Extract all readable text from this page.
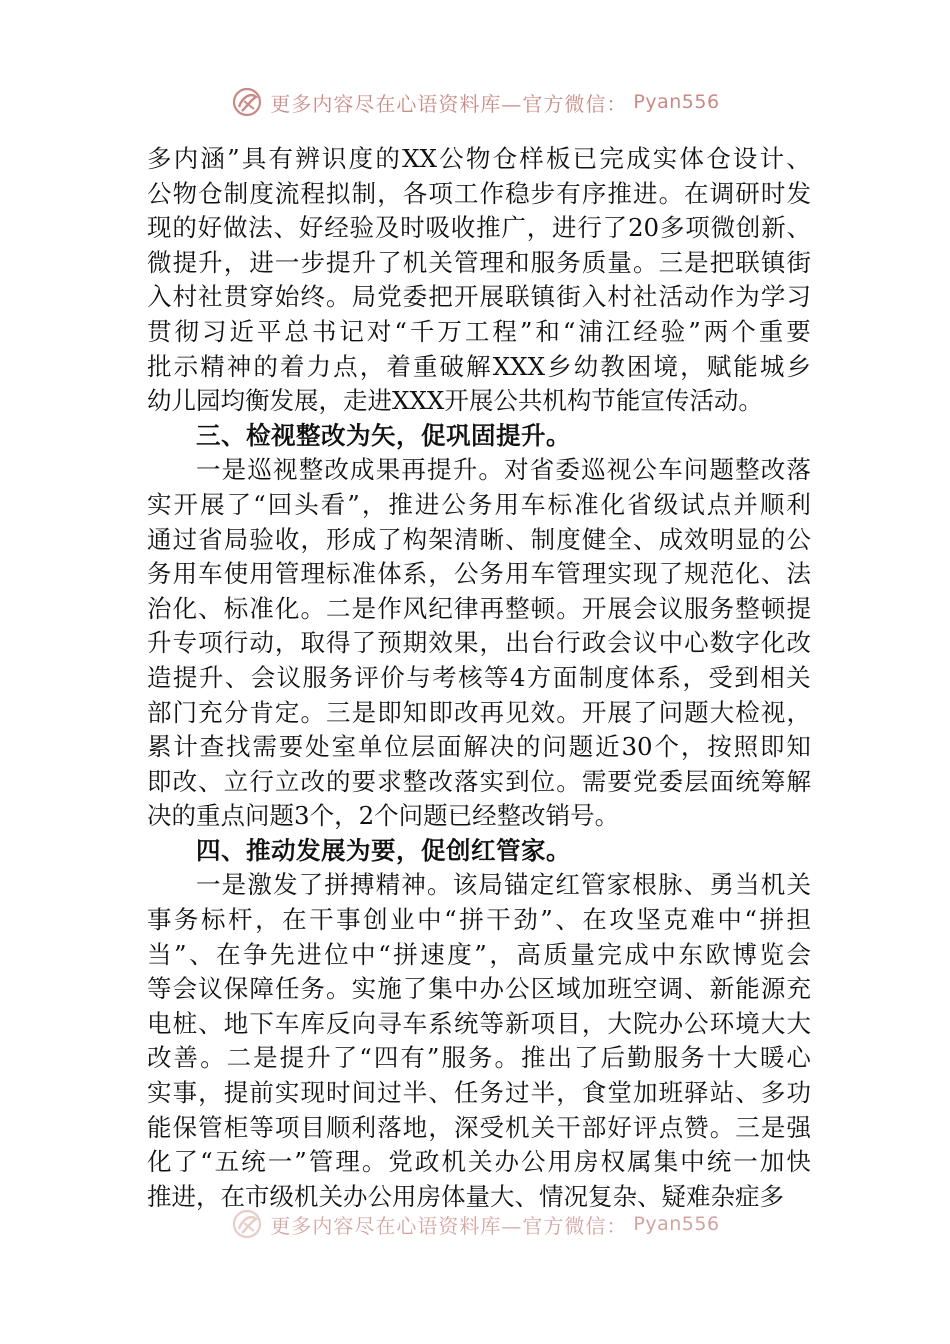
更多内容尽在心语资料库—官方微信： Pyan556
多 内 涵 ” 具 有 辨 识 度 的 XX 公 物 仓 样 板 已 完 成 实 体 仓 设 计 、
公 物 仓 制 度 流 程 拟 制 ， 各 项 工 作 稳 步 有 序 推 进 。 在 调 研 时 发
现 的 好 做 法 、 好 经 验 及 时 吸 收 推 广 ， 进 行 了 20 多 项 微 创 新 、
微 提 升 ， 进 一 步 提 升 了 机 关 管 理 和 服 务 质 量 。 三 是 把 联 镇 街
入 村 社 贯 穿 始 终 。 局 党 委 把 开 展 联 镇 街 入 村 社 活 动 作 为 学 习
贯 彻 习 近 平 总 书 记 对 “ 千 万 工 程 ” 和 “ 浦 江 经 验 ” 两 个 重 要
批 示 精 神 的 着 力 点 ， 着 重 破 解 XXX 乡 幼 教 困 境 ， 赋 能 城 乡
幼儿园均衡发展，走进XXX开展公共机构节能宣传活动。
三、检视整改为矢，促巩固提升。
一 是 巡 视 整 改 成 果 再 提 升 。 对 省 委 巡 视 公 车 问 题 整 改 落
实 开 展 了 “ 回 头 看 ” ， 推 进 公 务 用 车 标 准 化 省 级 试 点 并 顺 利
通 过 省 局 验 收 ， 形 成 了 构 架 清 晰 、 制 度 健 全 、 成 效 明 显 的 公
务 用 车 使 用 管 理 标 准 体 系 ， 公 务 用 车 管 理 实 现 了 规 范 化 、 法
治 化 、 标 准 化 。 二 是 作 风 纪 律 再 整 顿 。 开 展 会 议 服 务 整 顿 提
升 专 项 行 动 ， 取 得 了 预 期 效 果 ， 出 台 行 政 会 议 中 心 数 字 化 改
造 提 升 、 会 议 服 务 评 价 与 考 核 等 4 方 面 制 度 体 系 ， 受 到 相 关
部 门 充 分 肯 定 。 三 是 即 知 即 改 再 见 效 。 开 展 了 问 题 大 检 视 ，
累 计 查 找 需 要 处 室 单 位 层 面 解 决 的 问 题 近 30 个 ， 按 照 即 知
即 改 、 立 行 立 改 的 要 求 整 改 落 实 到 位 。 需 要 党 委 层 面 统 筹 解
决的重点问题3个，2个问题已经整改销号。
四、推动发展为要，促创红管家。
一 是 激 发 了 拼 搏 精 神 。 该 局 锚 定 红 管 家 根 脉 、 勇 当 机 关
事 务 标 杆 ， 在 干 事 创 业 中 “ 拼 干 劲 ” 、 在 攻 坚 克 难 中 “ 拼 担
当 ” 、 在 争 先 进 位 中 “ 拼 速 度 ” ， 高 质 量 完 成 中 东 欧 博 览 会
等 会 议 保 障 任 务 。 实 施 了 集 中 办 公 区 域 加 班 空 调 、 新 能 源 充
电 桩 、 地 下 车 库 反 向 寻 车 系 统 等 新 项 目 ， 大 院 办 公 环 境 大 大
改 善 。 二 是 提 升 了 “ 四 有 ” 服 务 。 推 出 了 后 勤 服 务 十 大 暖 心
实 事 ， 提 前 实 现 时 间 过 半 、 任 务 过 半 ， 食 堂 加 班 驿 站 、 多 功
能 保 管 柜 等 项 目 顺 利 落 地 ， 深 受 机 关 干 部 好 评 点 赞 。 三 是 强
化 了 “ 五 统 一 ” 管 理 。 党 政 机 关 办 公 用 房 权 属 集 中 统 一 加 快
推进，在市级机关办公用房体量大、情况复杂、疑难杂症多
更多内容尽在心语资料库—官方微信： Pyan556
